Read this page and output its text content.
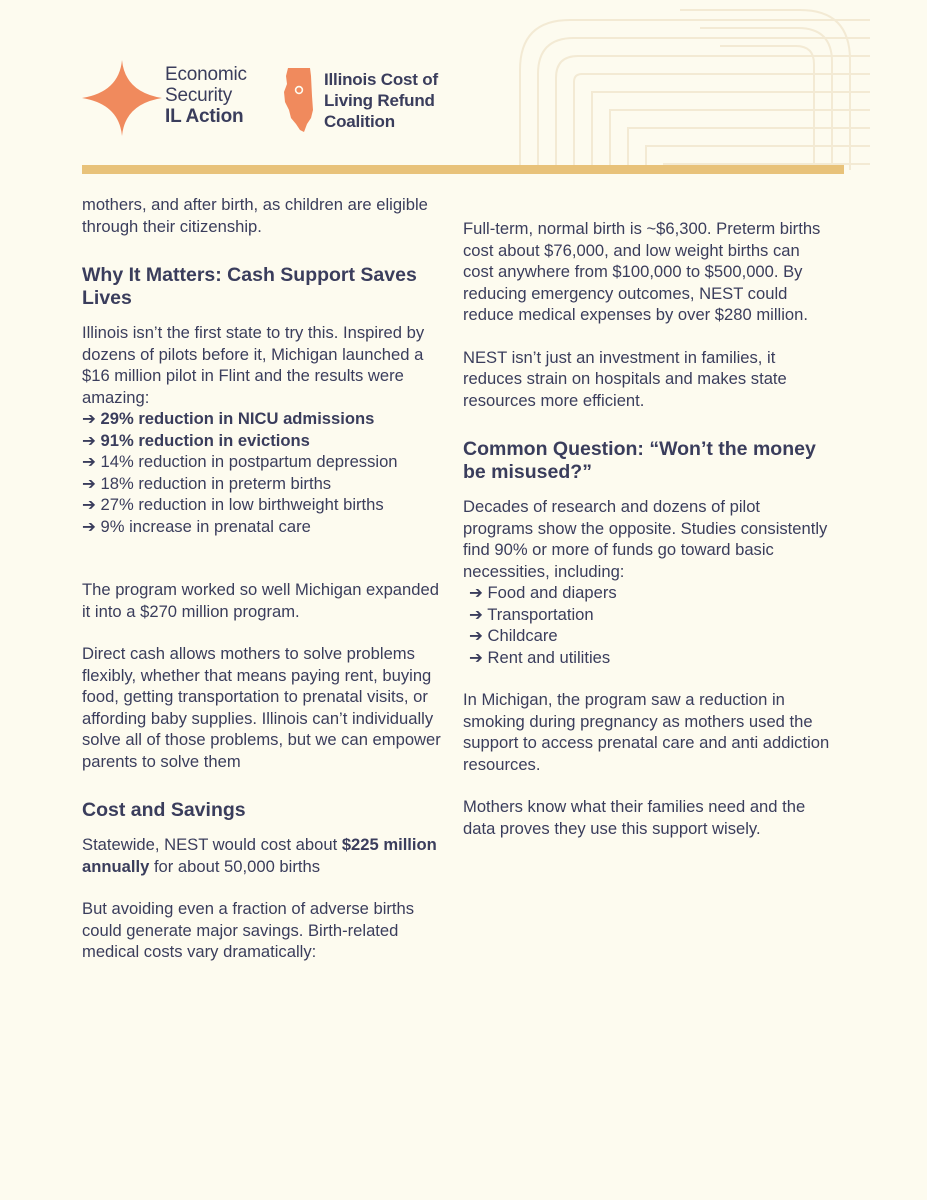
Economic
Security
IL Action
Illinois Cost of
Living Refund
Coalition

mothers, and after birth, as children are eligible through their citizenship.

Why It Matters: Cash Support Saves Lives

Illinois isn’t the first state to try this. Inspired by dozens of pilots before it, Michigan launched a $16 million pilot in Flint and the results were amazing:

➔ 29% reduction in NICU admissions
➔ 91% reduction in evictions
➔ 14% reduction in postpartum depression
➔ 18% reduction in preterm births
➔ 27% reduction in low birthweight births
➔ 9% increase in prenatal care

The program worked so well Michigan expanded it into a $270 million program.

Direct cash allows mothers to solve problems flexibly, whether that means paying rent, buying food, getting transportation to prenatal visits, or affording baby supplies. Illinois can’t individually solve all of those problems, but we can empower parents to solve them

Cost and Savings

Statewide, NEST would cost about $225 million annually for about 50,000 births

But avoiding even a fraction of adverse births could generate major savings. Birth-related medical costs vary dramatically:

Full-term, normal birth is ~$6,300. Preterm births cost about $76,000, and low weight births can cost anywhere from $100,000 to $500,000. By reducing emergency outcomes, NEST could reduce medical expenses by over $280 million.

NEST isn’t just an investment in families, it reduces strain on hospitals and makes state resources more efficient.

Common Question: “Won’t the money be misused?”

Decades of research and dozens of pilot programs show the opposite. Studies consistently find 90% or more of funds go toward basic necessities, including:

➔ Food and diapers
➔ Transportation
➔ Childcare
➔ Rent and utilities

In Michigan, the program saw a reduction in smoking during pregnancy as mothers used the support to access prenatal care and anti addiction resources.

Mothers know what their families need and the data proves they use this support wisely.
